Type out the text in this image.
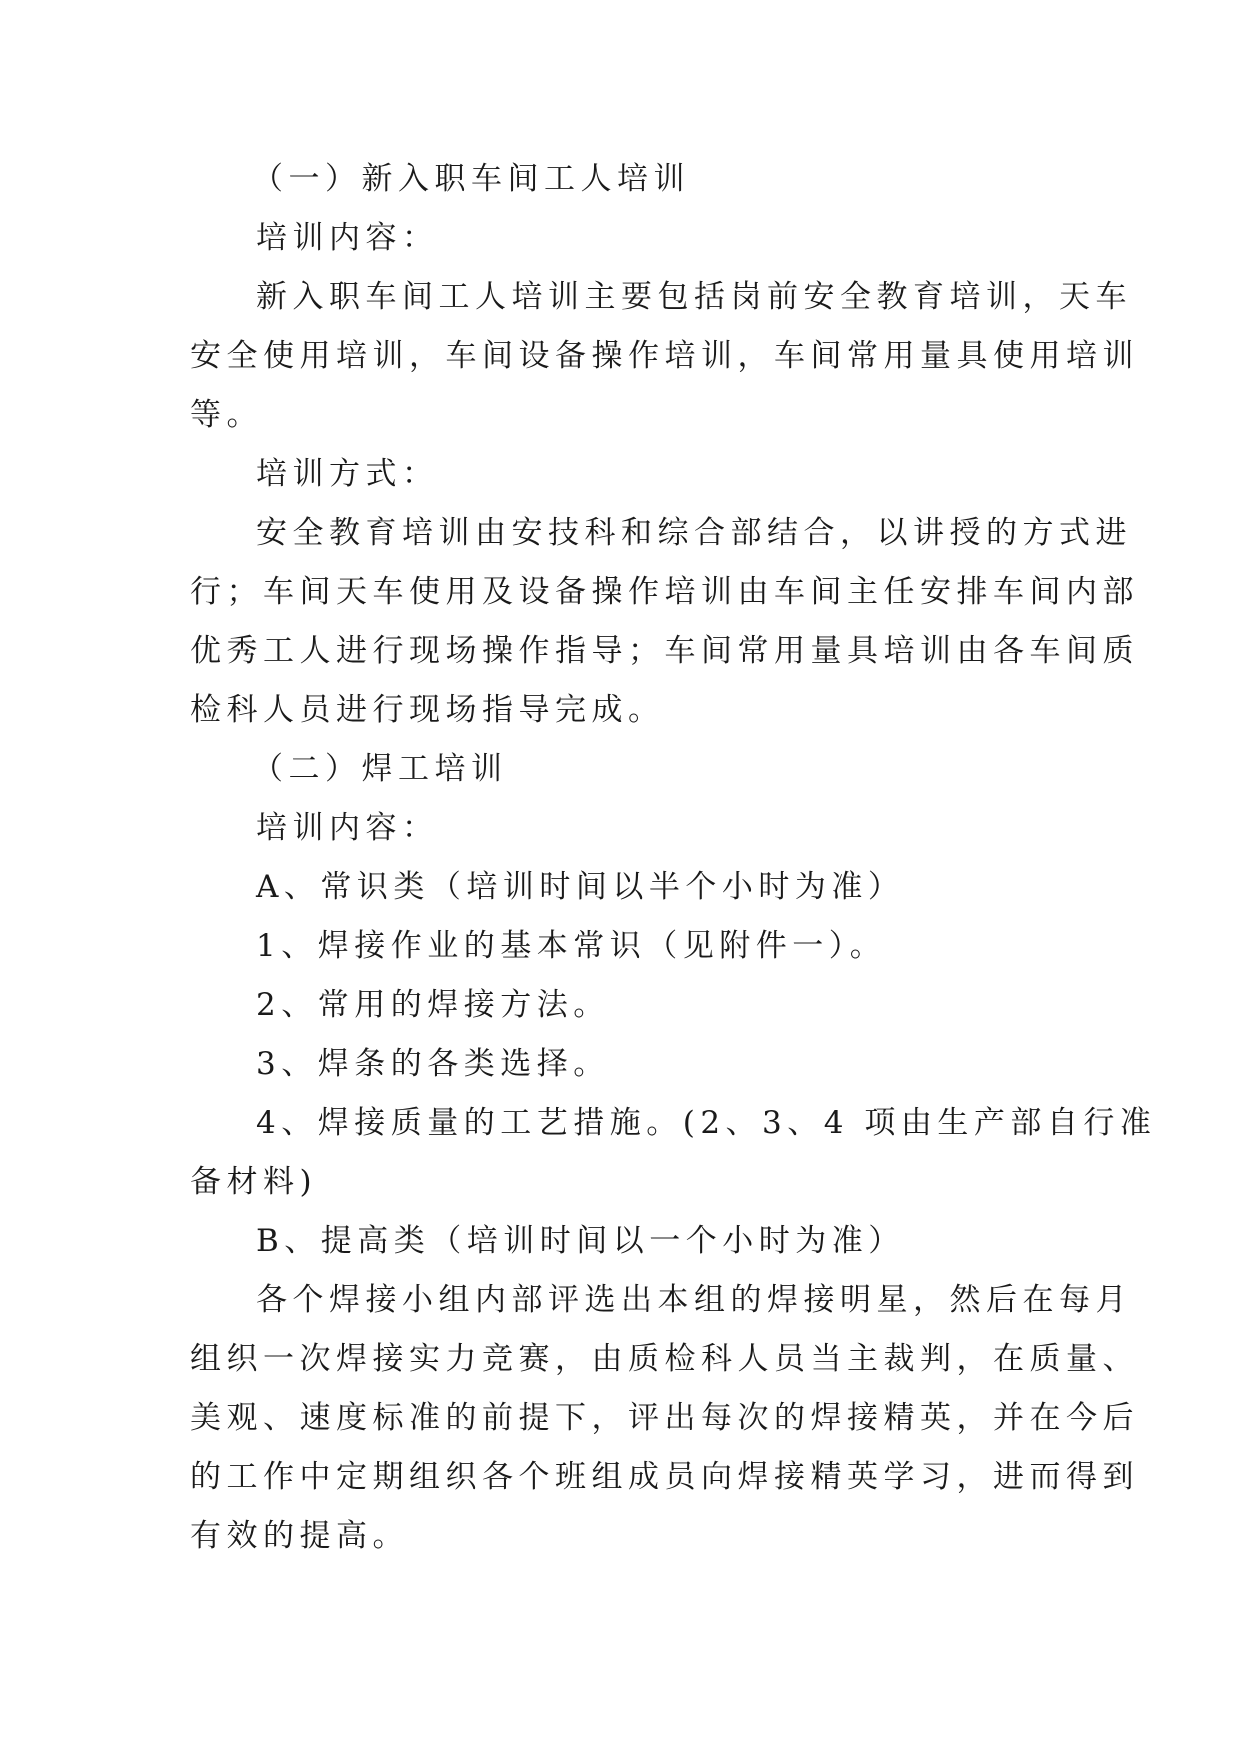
（一）新入职车间工人培训

培训内容：

新入职车间工人培训主要包括岗前安全教育培训，天车

安全使用培训，车间设备操作培训，车间常用量具使用培训

等。

培训方式：

安全教育培训由安技科和综合部结合，以讲授的方式进

行；车间天车使用及设备操作培训由车间主任安排车间内部

优秀工人进行现场操作指导；车间常用量具培训由各车间质

检科人员进行现场指导完成。

（二）焊工培训

培训内容：

A、常识类（培训时间以半个小时为准）

1、焊接作业的基本常识（见附件一）。

2、常用的焊接方法。

3、焊条的各类选择。

4、焊接质量的工艺措施。(2、3、4 项由生产部自行准

备材料)

B、提高类（培训时间以一个小时为准）

各个焊接小组内部评选出本组的焊接明星，然后在每月

组织一次焊接实力竞赛，由质检科人员当主裁判，在质量、

美观、速度标准的前提下，评出每次的焊接精英，并在今后

的工作中定期组织各个班组成员向焊接精英学习，进而得到

有效的提高。
